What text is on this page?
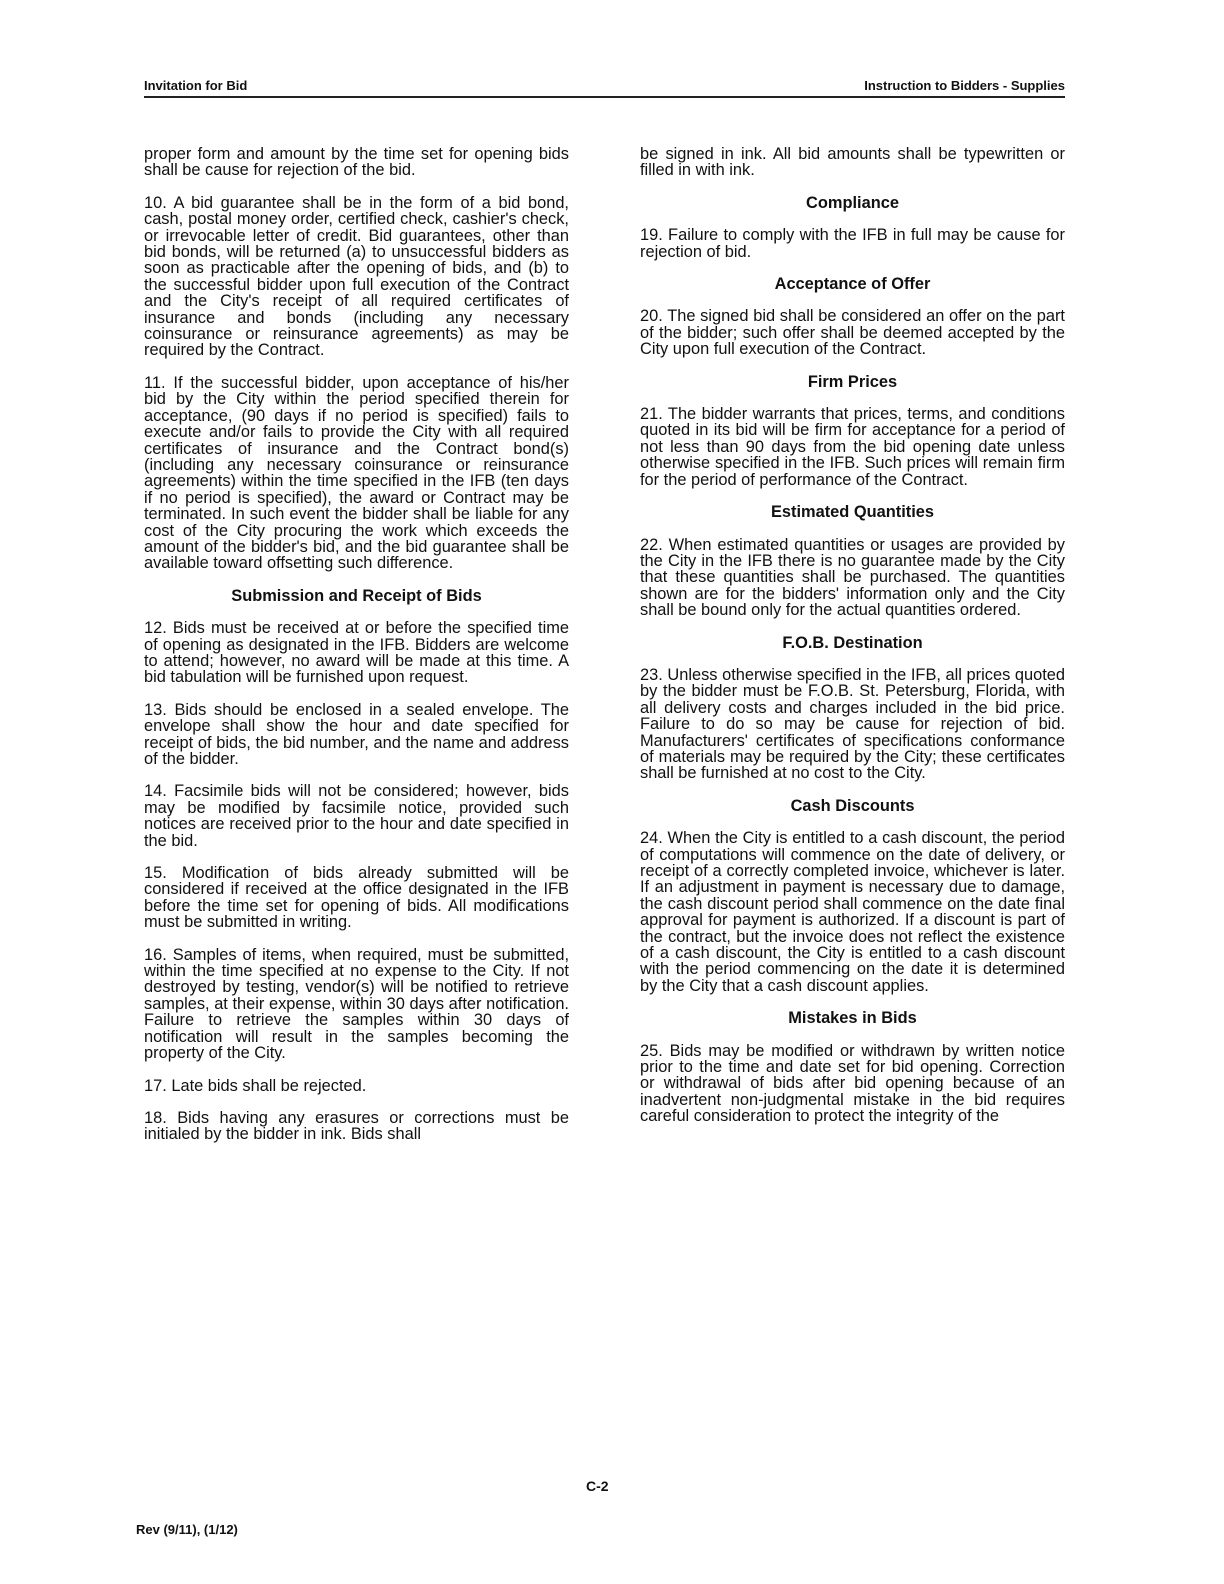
Invitation for Bid	Instruction to Bidders - Supplies

proper form and amount by the time set for opening bids shall be cause for rejection of the bid.

10. A bid guarantee shall be in the form of a bid bond, cash, postal money order, certified check, cashier's check, or irrevocable letter of credit. Bid guarantees, other than bid bonds, will be returned (a) to unsuccessful bidders as soon as practicable after the opening of bids, and (b) to the successful bidder upon full execution of the Contract and the City's receipt of all required certificates of insurance and bonds (including any necessary coinsurance or reinsurance agreements) as may be required by the Contract.

11. If the successful bidder, upon acceptance of his/her bid by the City within the period specified therein for acceptance, (90 days if no period is specified) fails to execute and/or fails to provide the City with all required certificates of insurance and the Contract bond(s) (including any necessary coinsurance or reinsurance agreements) within the time specified in the IFB (ten days if no period is specified), the award or Contract may be terminated. In such event the bidder shall be liable for any cost of the City procuring the work which exceeds the amount of the bidder's bid, and the bid guarantee shall be available toward offsetting such difference.

Submission and Receipt of Bids

12. Bids must be received at or before the specified time of opening as designated in the IFB. Bidders are welcome to attend; however, no award will be made at this time. A bid tabulation will be furnished upon request.

13. Bids should be enclosed in a sealed envelope. The envelope shall show the hour and date specified for receipt of bids, the bid number, and the name and address of the bidder.

14. Facsimile bids will not be considered; however, bids may be modified by facsimile notice, provided such notices are received prior to the hour and date specified in the bid.

15. Modification of bids already submitted will be considered if received at the office designated in the IFB before the time set for opening of bids. All modifications must be submitted in writing.

16. Samples of items, when required, must be submitted, within the time specified at no expense to the City. If not destroyed by testing, vendor(s) will be notified to retrieve samples, at their expense, within 30 days after notification. Failure to retrieve the samples within 30 days of notification will result in the samples becoming the property of the City.

17. Late bids shall be rejected.

18. Bids having any erasures or corrections must be initialed by the bidder in ink. Bids shall

be signed in ink. All bid amounts shall be typewritten or filled in with ink.

Compliance

19. Failure to comply with the IFB in full may be cause for rejection of bid.

Acceptance of Offer

20. The signed bid shall be considered an offer on the part of the bidder; such offer shall be deemed accepted by the City upon full execution of the Contract.

Firm Prices

21. The bidder warrants that prices, terms, and conditions quoted in its bid will be firm for acceptance for a period of not less than 90 days from the bid opening date unless otherwise specified in the IFB. Such prices will remain firm for the period of performance of the Contract.

Estimated Quantities

22. When estimated quantities or usages are provided by the City in the IFB there is no guarantee made by the City that these quantities shall be purchased. The quantities shown are for the bidders' information only and the City shall be bound only for the actual quantities ordered.

F.O.B. Destination

23. Unless otherwise specified in the IFB, all prices quoted by the bidder must be F.O.B. St. Petersburg, Florida, with all delivery costs and charges included in the bid price. Failure to do so may be cause for rejection of bid. Manufacturers' certificates of specifications conformance of materials may be required by the City; these certificates shall be furnished at no cost to the City.

Cash Discounts

24. When the City is entitled to a cash discount, the period of computations will commence on the date of delivery, or receipt of a correctly completed invoice, whichever is later. If an adjustment in payment is necessary due to damage, the cash discount period shall commence on the date final approval for payment is authorized. If a discount is part of the contract, but the invoice does not reflect the existence of a cash discount, the City is entitled to a cash discount with the period commencing on the date it is determined by the City that a cash discount applies.

Mistakes in Bids

25. Bids may be modified or withdrawn by written notice prior to the time and date set for bid opening. Correction or withdrawal of bids after bid opening because of an inadvertent non-judgmental mistake in the bid requires careful consideration to protect the integrity of the

C-2
Rev (9/11), (1/12)
